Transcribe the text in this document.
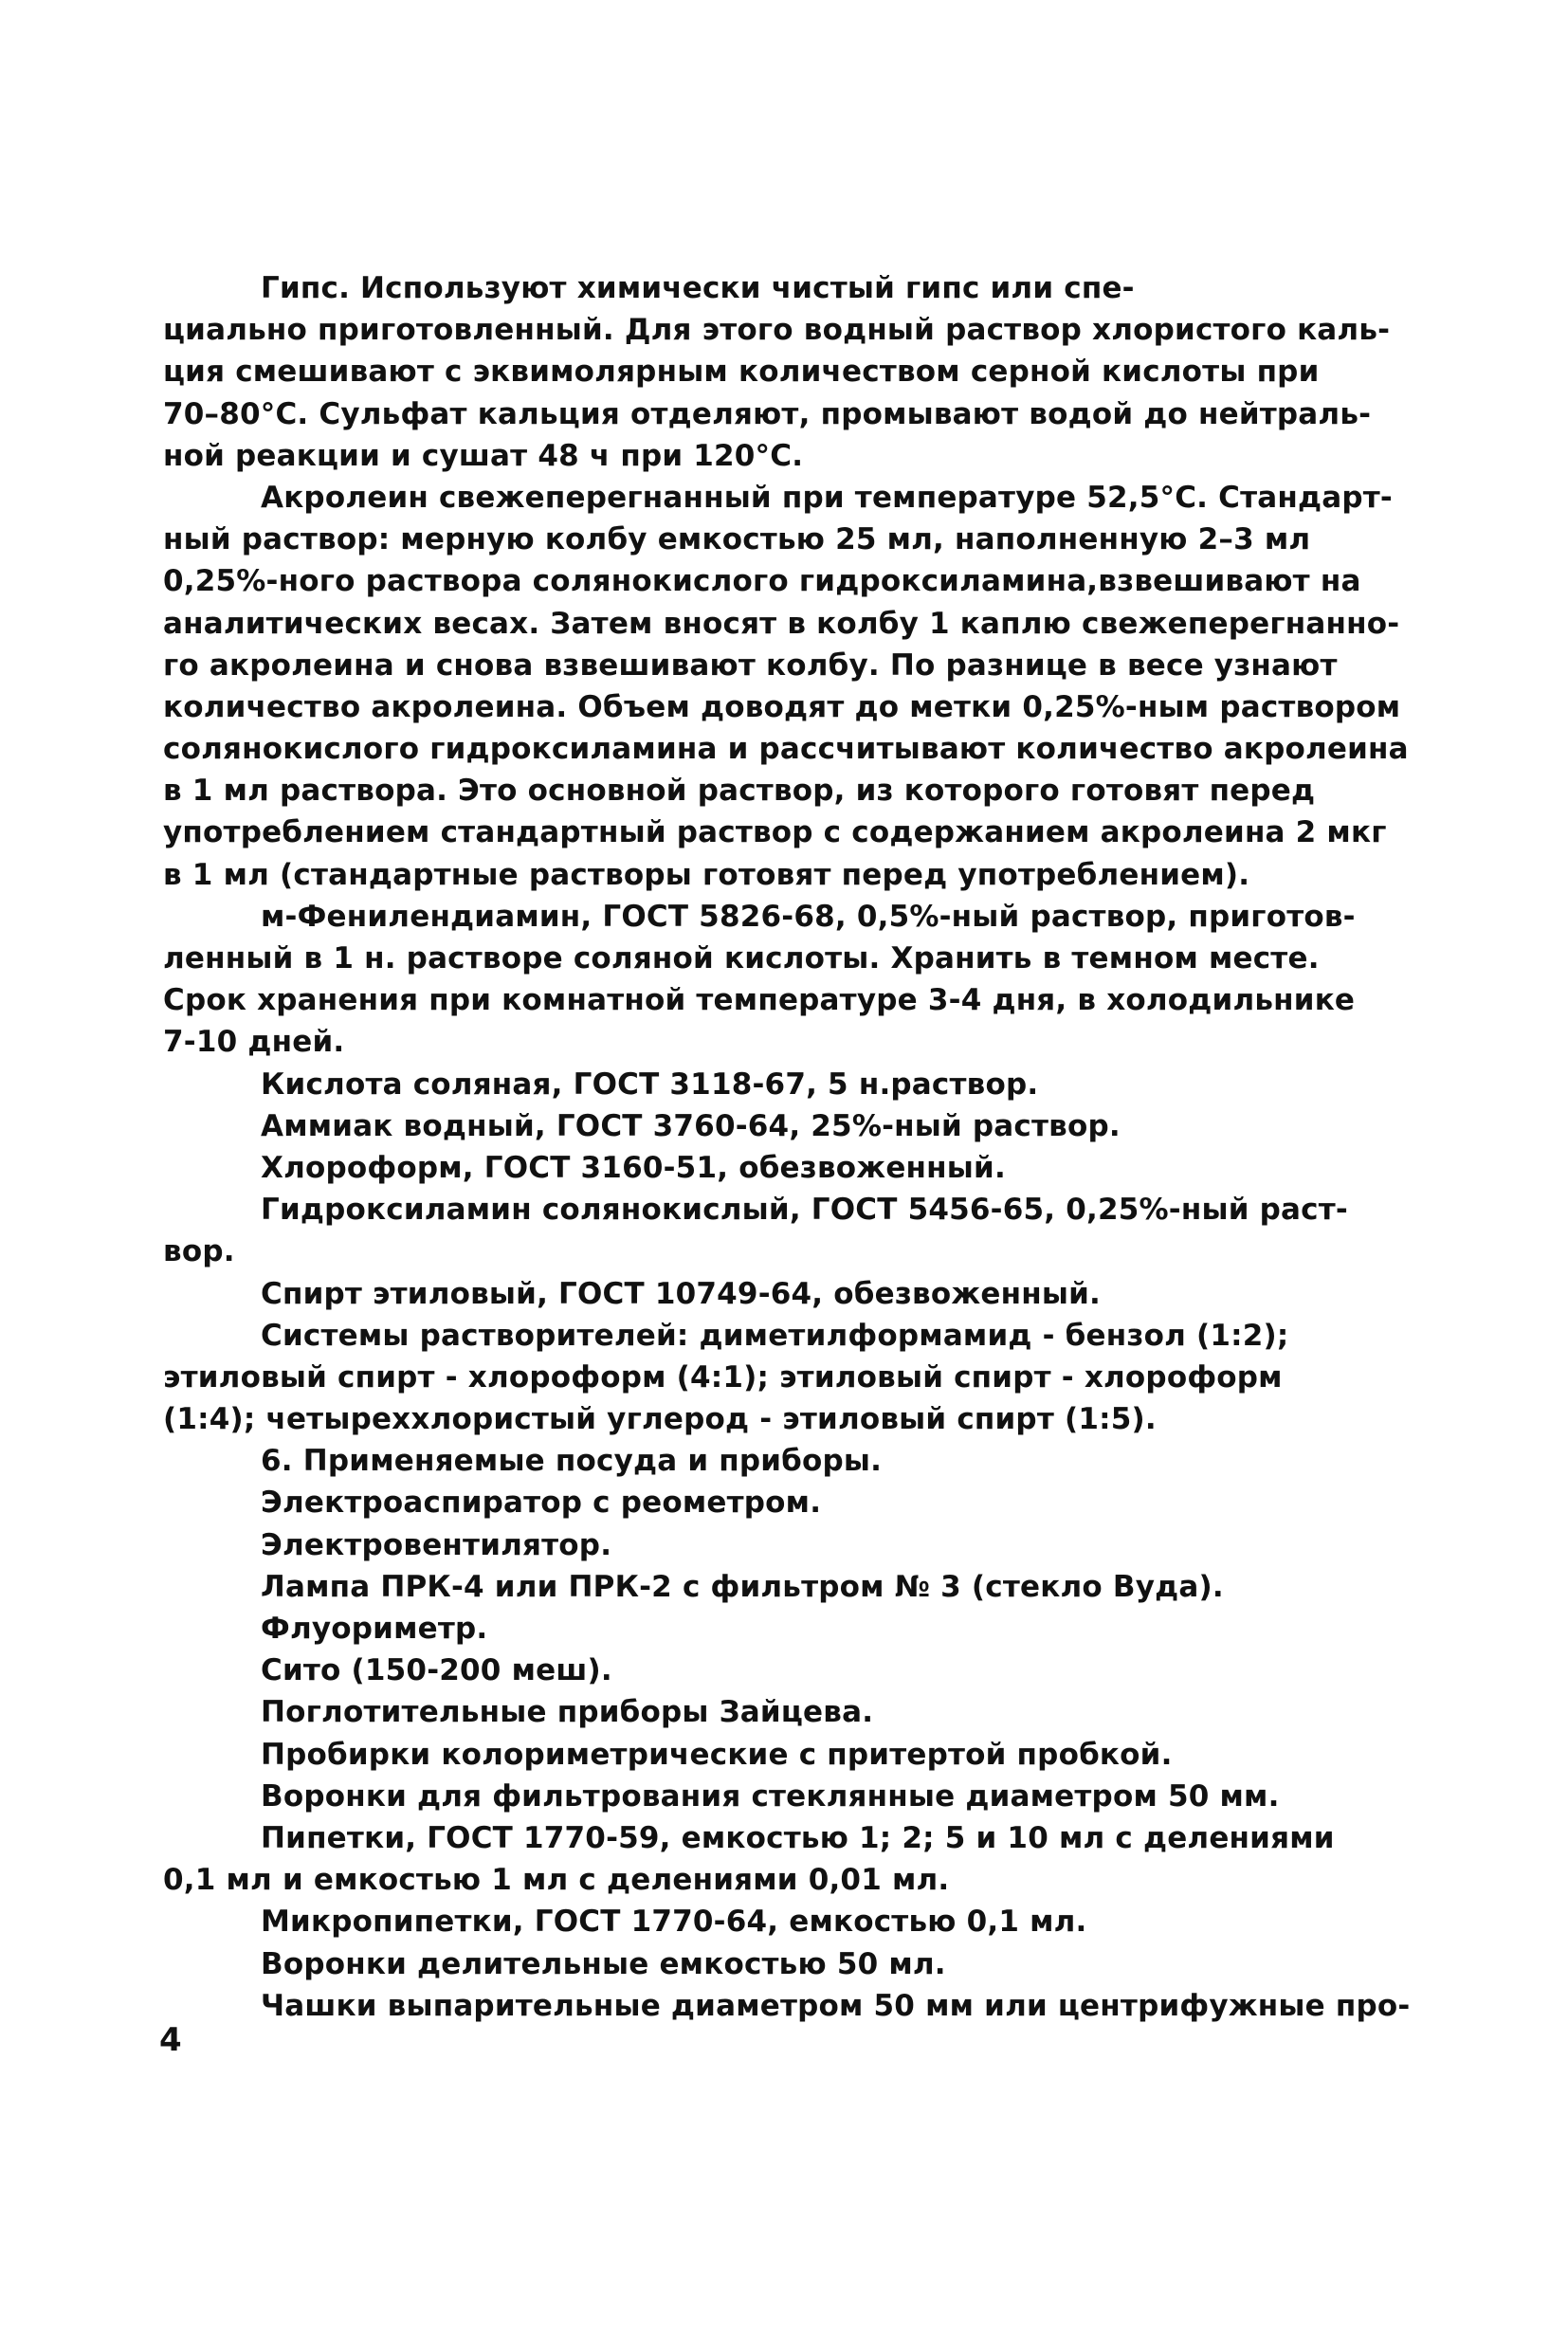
Гипс. Используют химически чистый гипс или спе-
циально приготовленный. Для этого водный раствор хлористого каль-
ция смешивают с эквимолярным количеством серной кислоты при
70–80°С. Сульфат кальция отделяют, промывают водой до нейтраль-
ной реакции и сушат 48 ч при 120°С.
Акролеин свежеперегнанный при температуре 52,5°С. Стандарт-
ный раствор: мерную колбу емкостью 25 мл, наполненную 2–3 мл
0,25%-ного раствора солянокислого гидроксиламина,взвешивают на
аналитических весах. Затем вносят в колбу 1 каплю свежеперегнанно-
го акролеина и снова взвешивают колбу. По разнице в весе узнают
количество акролеина. Объем доводят до метки 0,25%-ным раствором
солянокислого гидроксиламина и рассчитывают количество акролеина
в 1 мл раствора. Это основной раствор, из которого готовят перед
употреблением стандартный раствор с содержанием акролеина 2 мкг
в 1 мл (стандартные растворы готовят перед употреблением).
м-Фенилендиамин, ГОСТ 5826-68, 0,5%-ный раствор, приготов-
ленный в 1 н. растворе соляной кислоты. Хранить в темном месте.
Срок хранения при комнатной температуре 3-4 дня, в холодильнике
7-10 дней.
Кислота соляная, ГОСТ 3118-67, 5 н.раствор.
Аммиак водный, ГОСТ 3760-64, 25%-ный раствор.
Хлороформ, ГОСТ 3160-51, обезвоженный.
Гидроксиламин солянокислый, ГОСТ 5456-65, 0,25%-ный раст-
вор.
Спирт этиловый, ГОСТ 10749-64, обезвоженный.
Системы растворителей: диметилформамид - бензол (1:2);
этиловый спирт - хлороформ (4:1); этиловый спирт - хлороформ
(1:4); четыреххлористый углерод - этиловый спирт (1:5).
6. Применяемые посуда и приборы.
Электроаспиратор с реометром.
Электровентилятор.
Лампа ПРК-4 или ПРК-2 с фильтром № 3 (стекло Вуда).
Флуориметр.
Сито (150-200 меш).
Поглотительные приборы Зайцева.
Пробирки колориметрические с притертой пробкой.
Воронки для фильтрования стеклянные диаметром 50 мм.
Пипетки, ГОСТ 1770-59, емкостью 1; 2; 5 и 10 мл с делениями
0,1 мл и емкостью 1 мл с делениями 0,01 мл.
Микропипетки, ГОСТ 1770-64, емкостью 0,1 мл.
Воронки делительные емкостью 50 мл.
Чашки выпарительные диаметром 50 мм или центрифужные про-
4
